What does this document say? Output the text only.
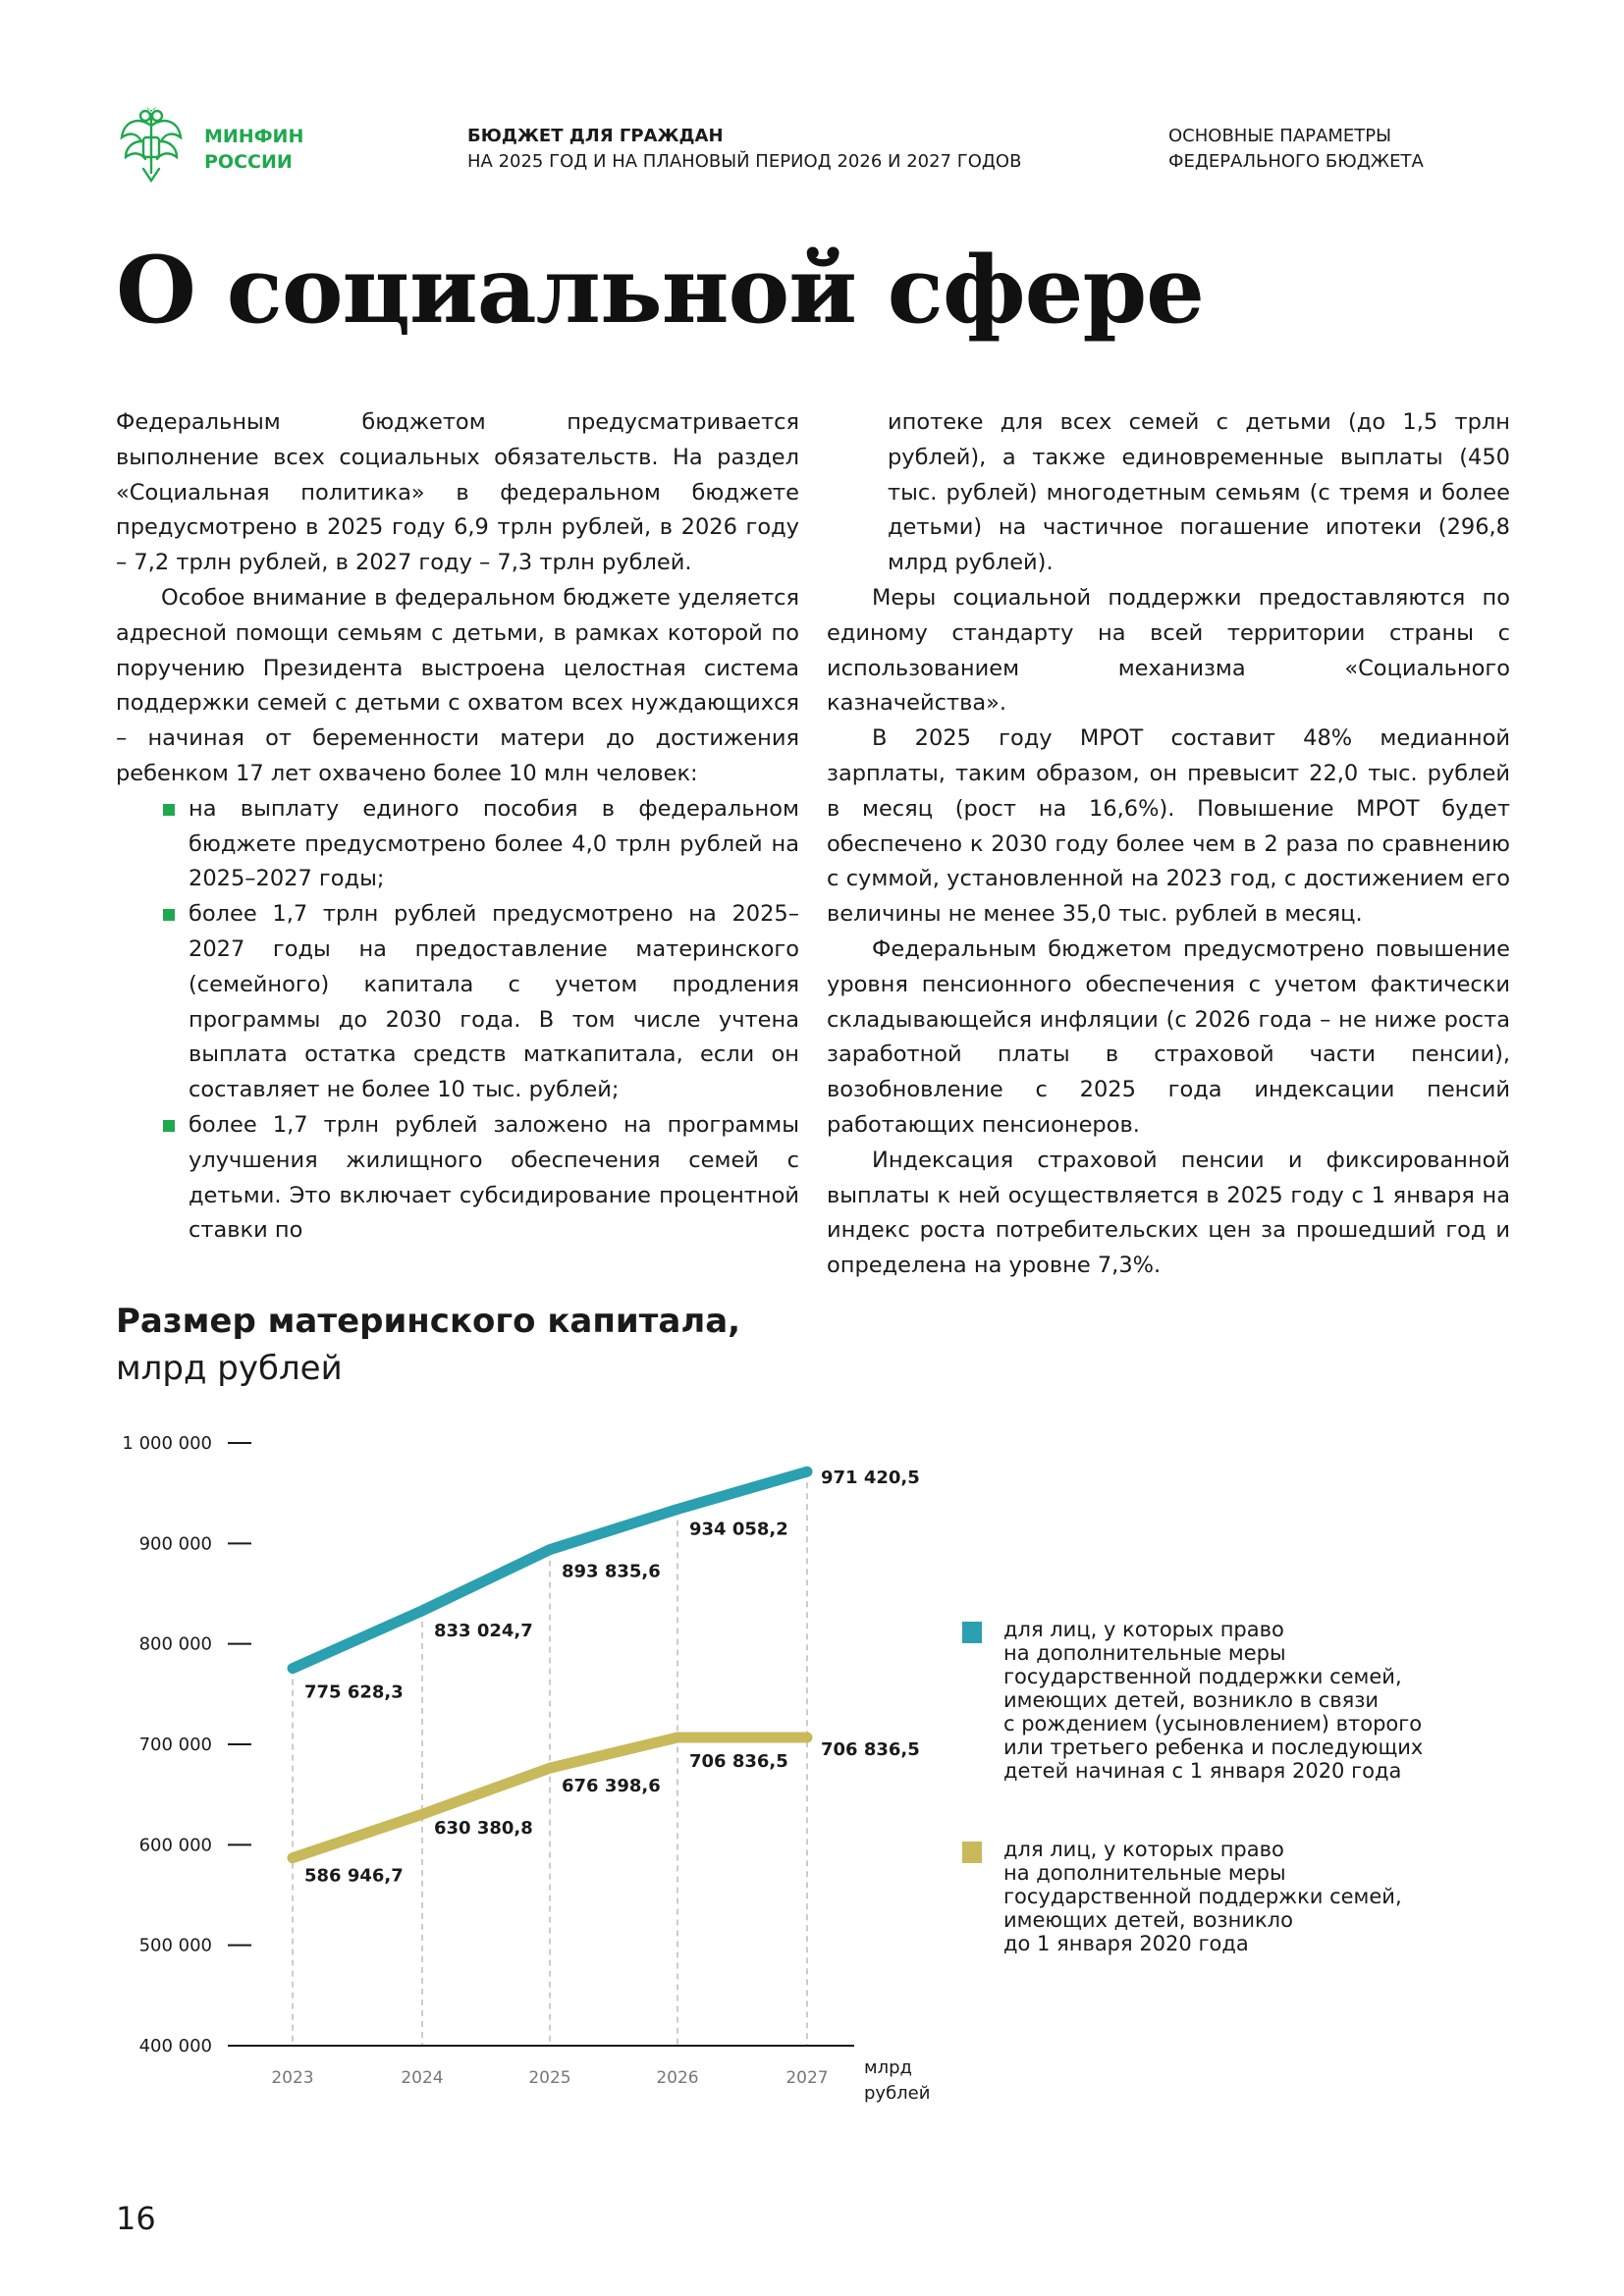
МИНФИН
РОССИИ
БЮДЖЕТ ДЛЯ ГРАЖДАН
НА 2025 ГОД И НА ПЛАНОВЫЙ ПЕРИОД 2026 И 2027 ГОДОВ
ОСНОВНЫЕ ПАРАМЕТРЫ
ФЕДЕРАЛЬНОГО БЮДЖЕТА
О социальной сфере

Федеральным бюджетом предусматривается выполнение всех социальных обязательств. На раздел «Социальная политика» в федеральном бюджете предусмотрено в 2025 году 6,9 трлн рублей, в 2026 году – 7,2 трлн рублей, в 2027 году – 7,3 трлн рублей.

Особое внимание в федеральном бюджете уделяется адресной помощи семьям с детьми, в рамках которой по поручению Президента выстроена целостная система поддержки семей с детьми с охватом всех нуждающихся – начиная от беременности матери до достижения ребенком 17 лет охвачено более 10 млн человек:

на выплату единого пособия в федеральном бюджете предусмотрено более 4,0 трлн рублей на 2025–2027 годы;
более 1,7 трлн рублей предусмотрено на 2025–2027 годы на предоставление материнского (семейного) капитала с учетом продления программы до 2030 года. В том числе учтена выплата остатка средств маткапитала, если он составляет не более 10 тыс. рублей;
более 1,7 трлн рублей заложено на программы улучшения жилищного обеспечения семей с детьми. Это включает субсидирование процентной ставки по

ипотеке для всех семей с детьми (до 1,5 трлн рублей), а также единовременные выплаты (450 тыс. рублей) многодетным семьям (с тремя и более детьми) на частичное погашение ипотеки (296,8 млрд рублей).

Меры социальной поддержки предоставляются по единому стандарту на всей территории страны с использованием механизма «Социального казначейства».

В 2025 году МРОТ составит 48% медианной зарплаты, таким образом, он превысит 22,0 тыс. рублей в месяц (рост на 16,6%). Повышение МРОТ будет обеспечено к 2030 году более чем в 2 раза по сравнению с суммой, установленной на 2023 год, с достижением его величины не менее 35,0 тыс. рублей в месяц.

Федеральным бюджетом предусмотрено повышение уровня пенсионного обеспечения с учетом фактически складывающейся инфляции (с 2026 года – не ниже роста заработной платы в страховой части пенсии), возобновление с 2025 года индексации пенсий работающих пенсионеров.

Индексация страховой пенсии и фиксированной выплаты к ней осуществляется в 2025 году с 1 января на индекс роста потребительских цен за прошедший год и определена на уровне 7,3%.

Размер материнского капитала,
млрд рублей
1 000 000
900 000
800 000
700 000
600 000
500 000
400 000
2023	2024	2025	2026	2027 млрд
рублей
775 628,3
833 024,7
893 835,6
934 058,2
971 420,5
586 946,7
630 380,8
676 398,6
706 836,5
706 836,5
для лиц, у которых право
на дополнительные меры
государственной поддержки семей,
имеющих детей, возникло в связи
с рождением (усыновлением) второго
или третьего ребенка и последующих
детей начиная с 1 января 2020 года
для лиц, у которых право
на дополнительные меры
государственной поддержки семей,
имеющих детей, возникло
до 1 января 2020 года
16
